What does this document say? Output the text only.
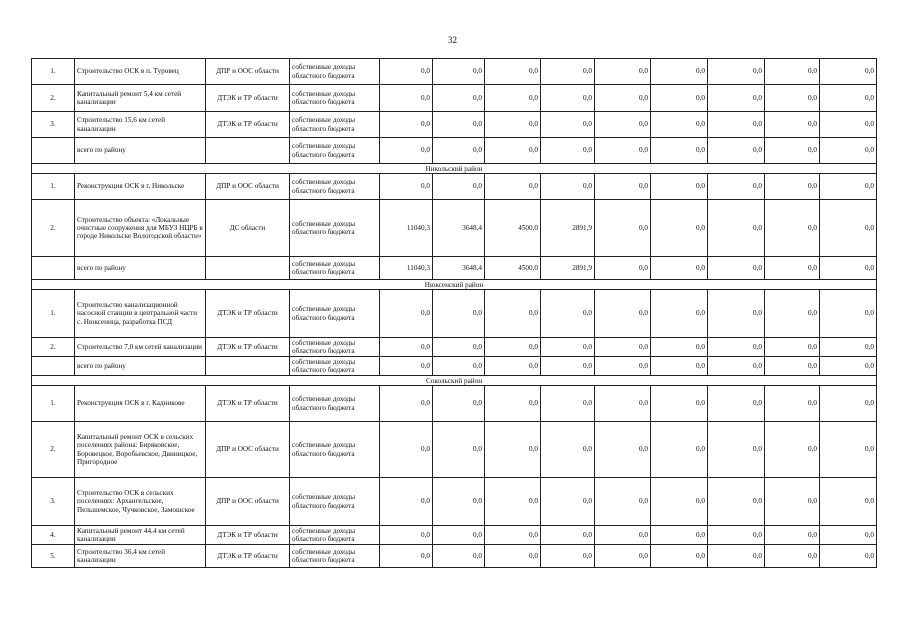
32
1.	Строительство ОСК в п. Туровец	ДПР и ООС области	собственные доходы областного бюджета	0,0	0,0	0,0	0,0	0,0	0,0	0,0	0,0	0,0
2.	Капитальный ремонт 5,4 км сетей канализации	ДТЭК и ТР области	собственные доходы областного бюджета	0,0	0,0	0,0	0,0	0,0	0,0	0,0	0,0	0,0
3.	Строительство 15,6 км сетей канализации	ДТЭК и ТР области	собственные доходы областного бюджета	0,0	0,0	0,0	0,0	0,0	0,0	0,0	0,0	0,0
	всего по району		собственные доходы областного бюджета	0,0	0,0	0,0	0,0	0,0	0,0	0,0	0,0	0,0
Никольский район												
1.	Реконструкция ОСК в г. Никольске	ДПР и ООС области	собственные доходы областного бюджета	0,0	0,0	0,0	0,0	0,0	0,0	0,0	0,0	0,0
2.	Строительство объекта: «Локальные очистные сооружения для МБУЗ НЦРБ в городе Никольске Вологодской области»	ДС области	собственные доходы областного бюджета	11040,3	3648,4	4500,0	2891,9	0,0	0,0	0,0	0,0	0,0
	всего по району		собственные доходы областного бюджета	11040,3	3648,4	4500,0	2891,9	0,0	0,0	0,0	0,0	0,0
Нюксенский район												
1.	Строительство канализационной насосной станции в центральной части с. Нюксеница, разработка ПСД	ДТЭК и ТР области	собственные доходы областного бюджета	0,0	0,0	0,0	0,0	0,0	0,0	0,0	0,0	0,0
2.	Строительство 7,0 км сетей канализации	ДТЭК и ТР области	собственные доходы областного бюджета	0,0	0,0	0,0	0,0	0,0	0,0	0,0	0,0	0,0
	всего по району		собственные доходы областного бюджета	0,0	0,0	0,0	0,0	0,0	0,0	0,0	0,0	0,0
Сокольский район												
1.	Реконструкция ОСК в г. Кадникове	ДТЭК и ТР области	собственные доходы областного бюджета	0,0	0,0	0,0	0,0	0,0	0,0	0,0	0,0	0,0
2.	Капитальный ремонт ОСК в сельских поселениях района: Биряковское, Боровецкое, Воробьевское, Двиницкое, Пригородное	ДПР и ООС области	собственные доходы областного бюджета	0,0	0,0	0,0	0,0	0,0	0,0	0,0	0,0	0,0
3.	Строительство ОСК в сельских поселениях: Архангельское, Пельшемское, Чучковское, Замошское	ДПР и ООС области	собственные доходы областного бюджета	0,0	0,0	0,0	0,0	0,0	0,0	0,0	0,0	0,0
4.	Капитальный ремонт 44,4 км сетей канализации	ДТЭК и ТР области	собственные доходы областного бюджета	0,0	0,0	0,0	0,0	0,0	0,0	0,0	0,0	0,0
5.	Строительство 36,4 км сетей канализации	ДТЭК и ТР области	собственные доходы областного бюджета	0,0	0,0	0,0	0,0	0,0	0,0	0,0	0,0	0,0
